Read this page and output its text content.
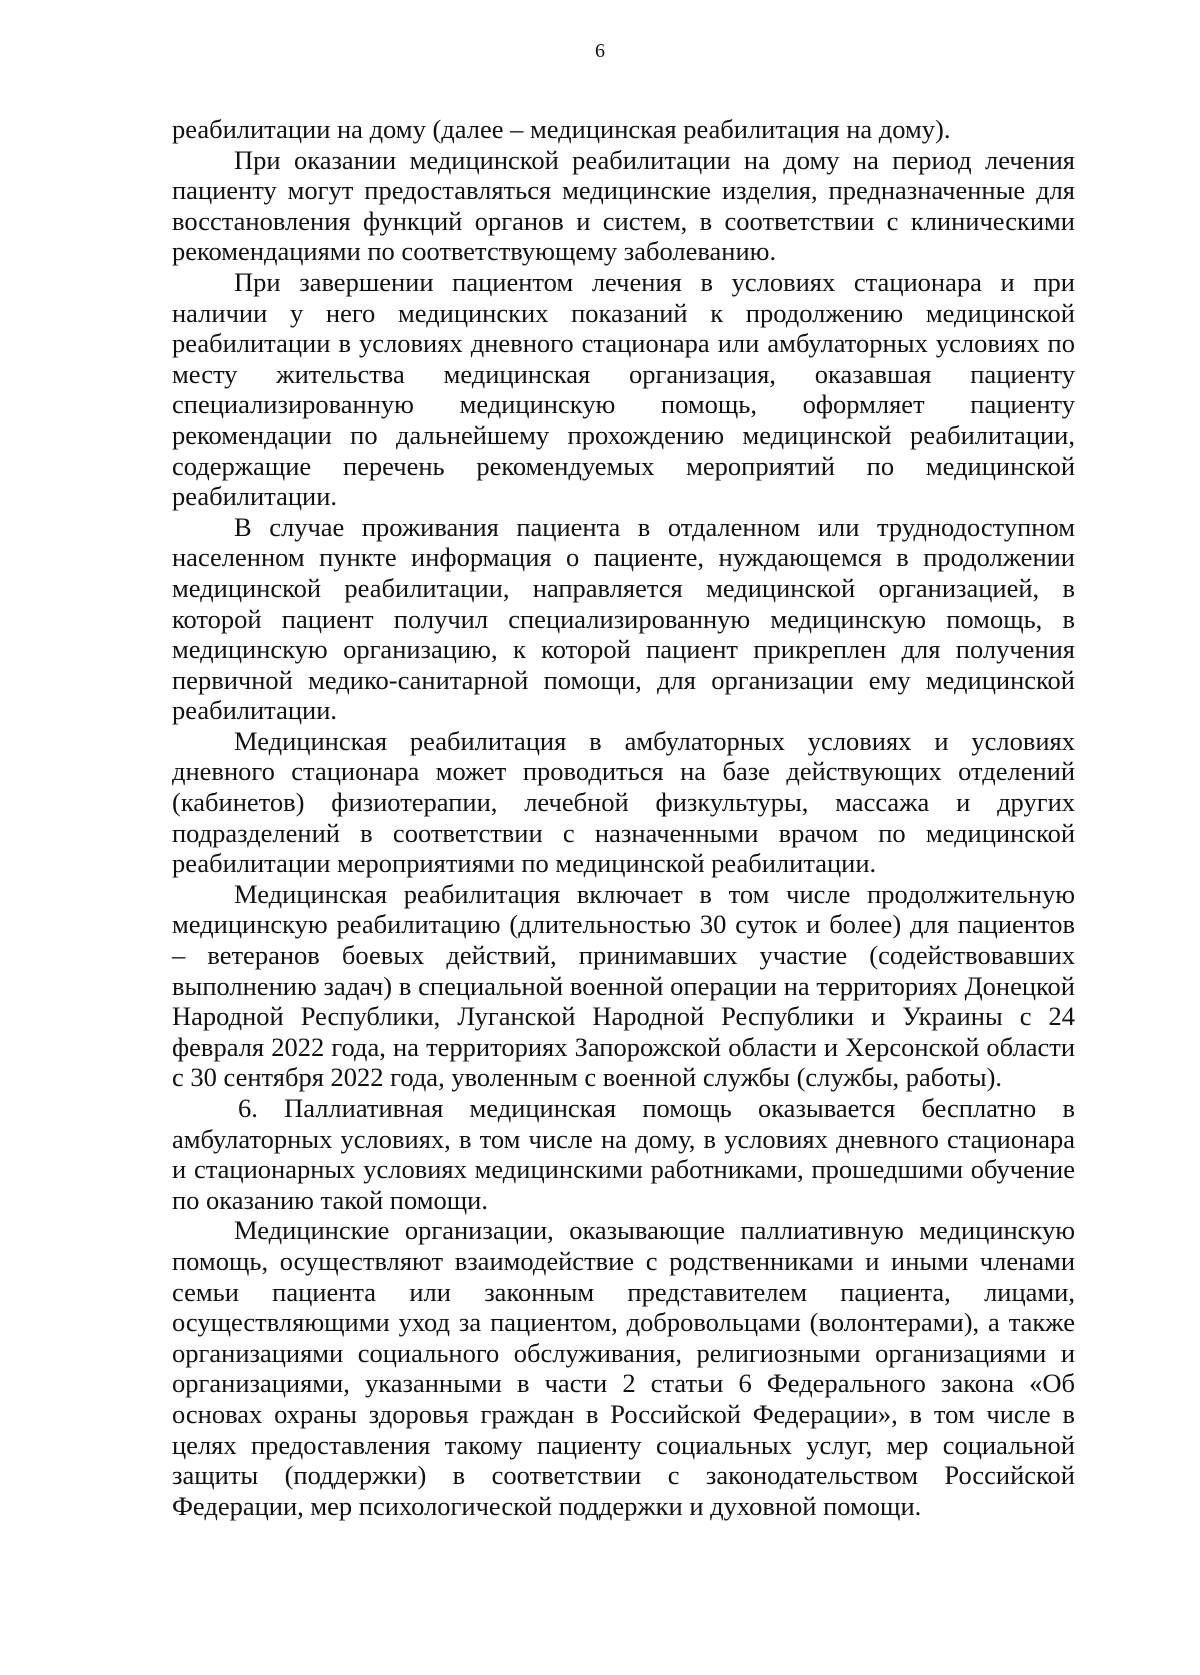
6

реабилитации на дому (далее – медицинская реабилитация на дому).

При оказании медицинской реабилитации на дому на период лечения пациенту могут предоставляться медицинские изделия, предназначенные для восстановления функций органов и систем, в соответствии с клиническими рекомендациями по соответствующему заболеванию.

При завершении пациентом лечения в условиях стационара и при наличии у него медицинских показаний к продолжению медицинской реабилитации в условиях дневного стационара или амбулаторных условиях по месту жительства медицинская организация, оказавшая пациенту специализированную медицинскую помощь, оформляет пациенту рекомендации по дальнейшему прохождению медицинской реабилитации, содержащие перечень рекомендуемых мероприятий по медицинской реабилитации.

В случае проживания пациента в отдаленном или труднодоступном населенном пункте информация о пациенте, нуждающемся в продолжении медицинской реабилитации, направляется медицинской организацией, в которой пациент получил специализированную медицинскую помощь, в медицинскую организацию, к которой пациент прикреплен для получения первичной медико-санитарной помощи, для организации ему медицинской реабилитации.

Медицинская реабилитация в амбулаторных условиях и условиях дневного стационара может проводиться на базе действующих отделений (кабинетов) физиотерапии, лечебной физкультуры, массажа и других подразделений в соответствии с назначенными врачом по медицинской реабилитации мероприятиями по медицинской реабилитации.

Медицинская реабилитация включает в том числе продолжительную медицинскую реабилитацию (длительностью 30 суток и более) для пациентов – ветеранов боевых действий, принимавших участие (содействовавших выполнению задач) в специальной военной операции на территориях Донецкой Народной Республики, Луганской Народной Республики и Украины с 24 февраля 2022 года, на территориях Запорожской области и Херсонской области с 30 сентября 2022 года, уволенным с военной службы (службы, работы).

6. Паллиативная медицинская помощь оказывается бесплатно в амбулаторных условиях, в том числе на дому, в условиях дневного стационара и стационарных условиях медицинскими работниками, прошедшими обучение по оказанию такой помощи.

Медицинские организации, оказывающие паллиативную медицинскую помощь, осуществляют взаимодействие с родственниками и иными членами семьи пациента или законным представителем пациента, лицами, осуществляющими уход за пациентом, добровольцами (волонтерами), а также организациями социального обслуживания, религиозными организациями и организациями, указанными в части 2 статьи 6 Федерального закона «Об основах охраны здоровья граждан в Российской Федерации», в том числе в целях предоставления такому пациенту социальных услуг, мер социальной защиты (поддержки) в соответствии с законодательством Российской Федерации, мер психологической поддержки и духовной помощи.
